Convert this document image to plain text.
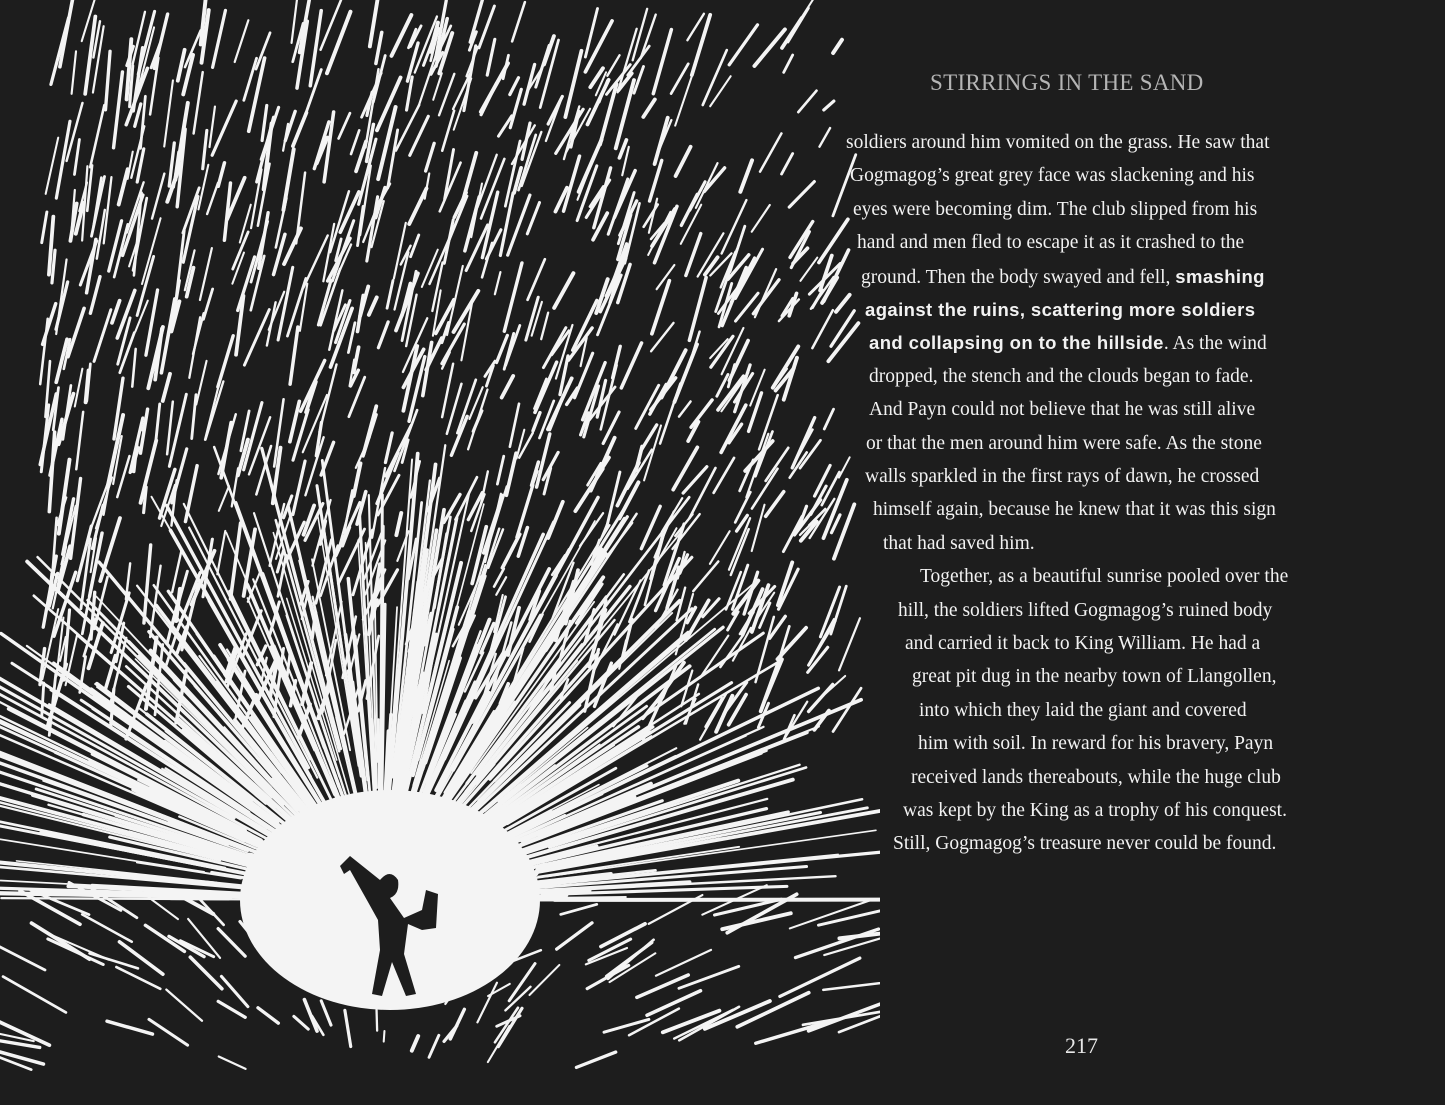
STIRRINGS IN THE SAND
soldiers around him vomited on the grass. He saw that
Gogmagog’s great grey face was slackening and his
eyes were becoming dim. The club slipped from his
hand and men fled to escape it as it crashed to the
ground. Then the body swayed and fell, smashing
against the ruins, scattering more soldiers
and collapsing on to the hillside. As the wind
dropped, the stench and the clouds began to fade.
And Payn could not believe that he was still alive
or that the men around him were safe. As the stone
walls sparkled in the first rays of dawn, he crossed
himself again, because he knew that it was this sign
that had saved him.
Together, as a beautiful sunrise pooled over the
hill, the soldiers lifted Gogmagog’s ruined body
and carried it back to King William. He had a
great pit dug in the nearby town of Llangollen,
into which they laid the giant and covered
him with soil. In reward for his bravery, Payn
received lands thereabouts, while the huge club
was kept by the King as a trophy of his conquest.
Still, Gogmagog’s treasure never could be found.
217
